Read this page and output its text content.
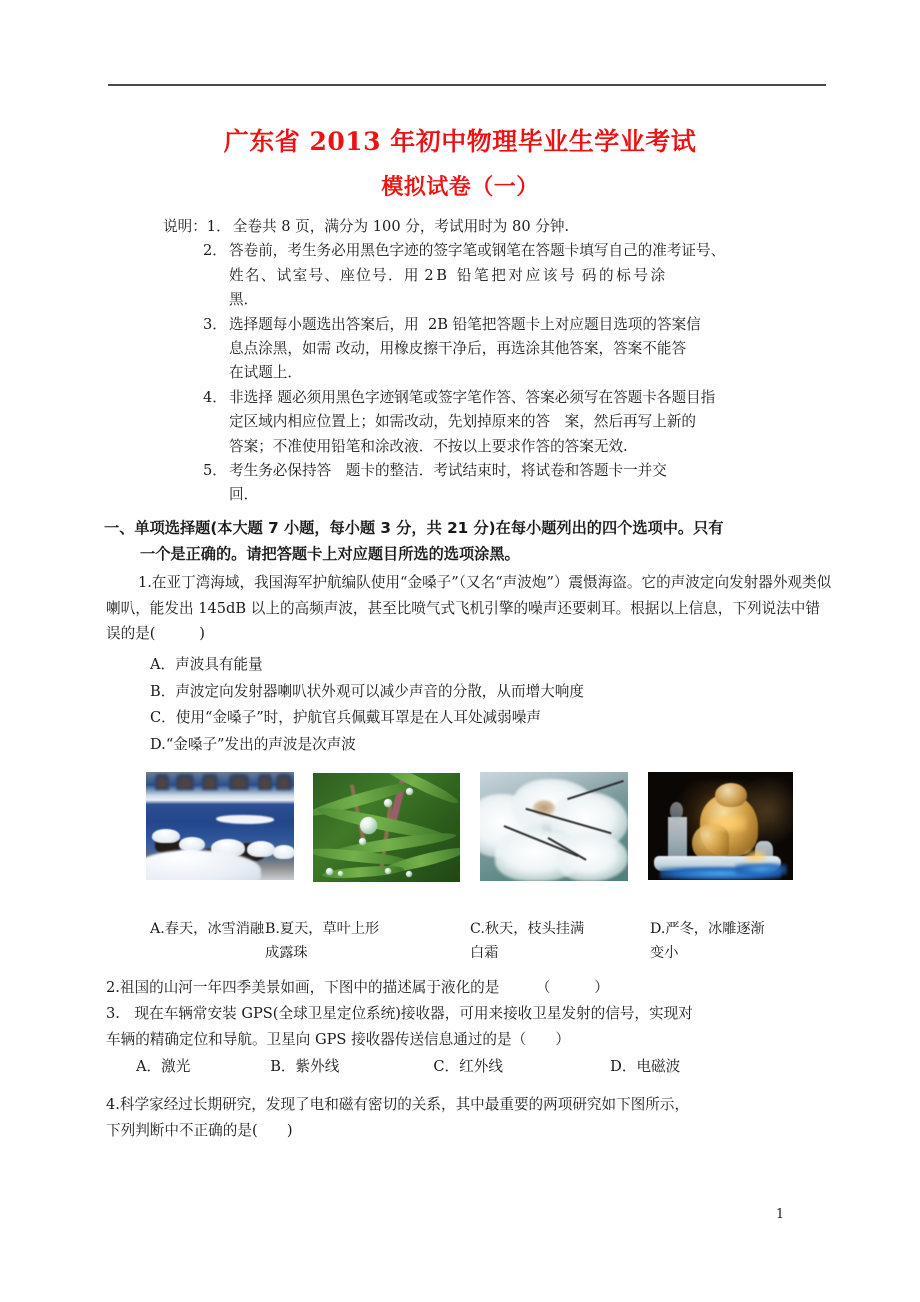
广东省 2013 年初中物理毕业生学业考试
模拟试卷（一）
说明： 1． 全卷共 8 页，满分为 100 分，考试用时为 80 分钟.
2． 答卷前，考生务必用黑色字迹的签字笔或钢笔在答题卡填写自己的准考证号、
姓名、试室号、座位号．用 2B 铅笔把对应该号 码的标号涂
黑．
3． 选择题每小题选出答案后，用 2B 铅笔把答题卡上对应题目选项的答案信
息点涂黑，如需 改动，用橡皮擦干净后，再选涂其他答案，答案不能答
在试题上．
4． 非选择 题必须用黑色字迹钢笔或签字笔作答、答案必须写在答题卡各题目指
定区域内相应位置上；如需改动，先划掉原来的答　案，然后再写上新的
答案；不准使用铅笔和涂改液．不按以上要求作答的答案无效.
5． 考生务必保持答　题卡的整洁．考试结束时，将试卷和答题卡一并交
回．
一、单项选择题(本大题 7 小题，每小题 3 分，共 21 分)在每小题列出的四个选项中。只有
一个是正确的。请把答题卡上对应题目所选的选项涂黑。
1.在亚丁湾海域，我国海军护航编队使用“金嗓子”（又名“声波炮”）震慑海盗。它的声波定向发射器外观类似喇叭，能发出 145dB 以上的高频声波，甚至比喷气式飞机引擎的噪声还要刺耳。根据以上信息，下列说法中错误的是(　　　)
A．声波具有能量
B．声波定向发射器喇叭状外观可以减少声音的分散，从而增大响度
C．使用“金嗓子”时，护航官兵佩戴耳罩是在人耳处减弱噪声
D.“金嗓子”发出的声波是次声波
A.春天，冰雪消融 B.夏天，草叶上形
成露珠
C.秋天，枝头挂满
白霜
D.严冬，冰雕逐渐
变小
2.祖国的山河一年四季美景如画，下图中的描述属于液化的是　　　（　　　）
3.　现在车辆常安装 GPS(全球卫星定位系统)接收器，可用来接收卫星发射的信号，实现对
车辆的精确定位和导航。卫星向 GPS 接收器传送信息通过的是（　　）
A．激光	B．紫外线	C．红外线	D．电磁波
4.科学家经过长期研究，发现了电和磁有密切的关系，其中最重要的两项研究如下图所示，
下列判断中不正确的是(　　)
1
